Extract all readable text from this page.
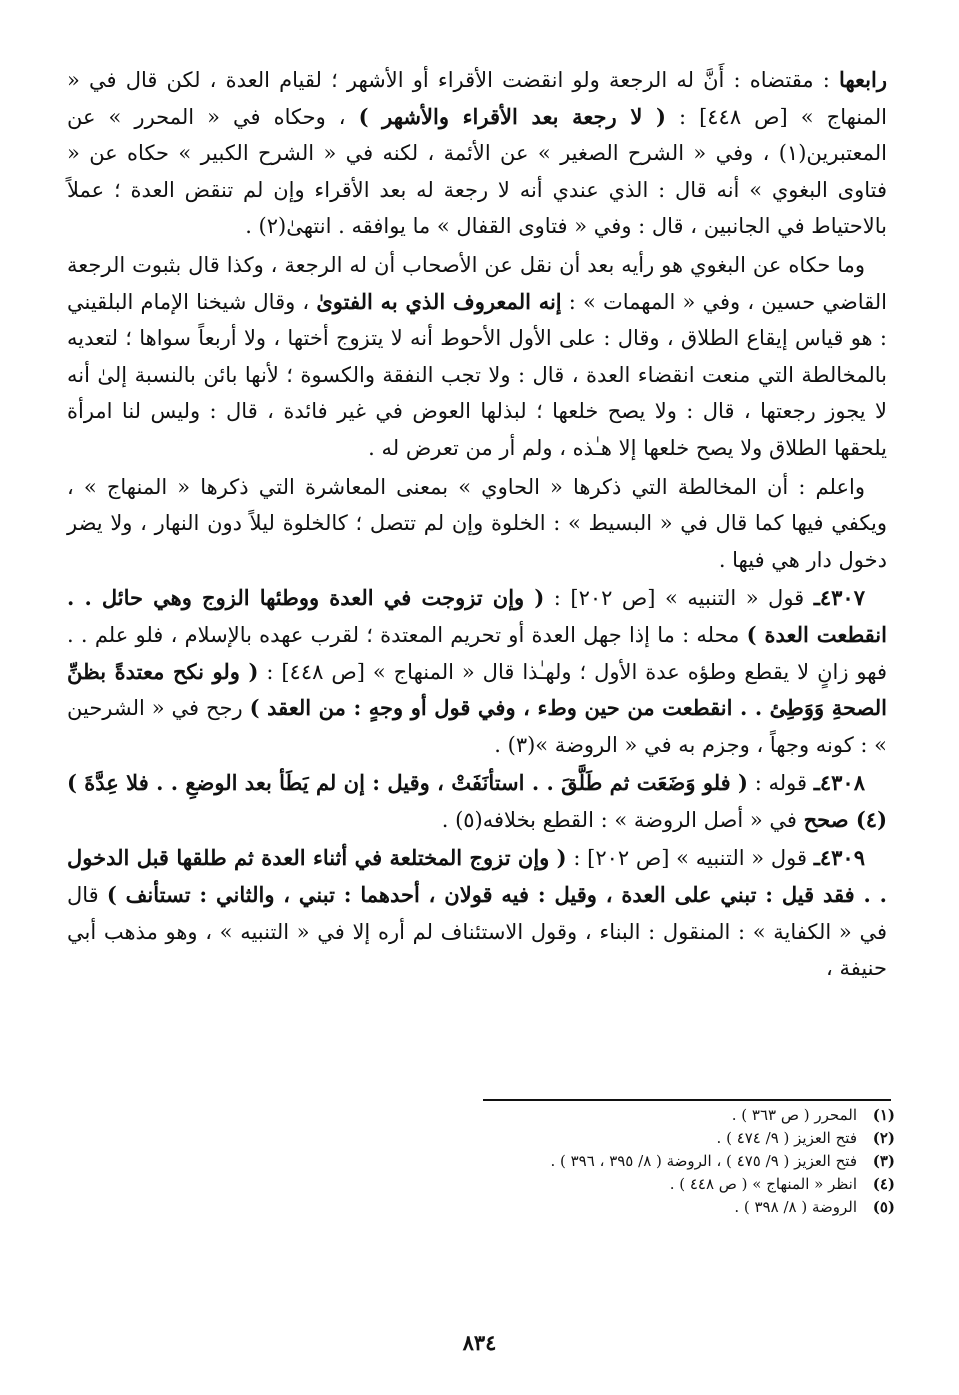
رابعها : مقتضاه : أَنَّ له الرجعة ولو انقضت الأقراء أو الأشهر ؛ لقيام العدة ، لكن قال في « المنهاج » [ص ٤٤٨] : ( لا رجعة بعد الأقراء والأشهر ) ، وحكاه في « المحرر » عن المعتبرين(١) ، وفي « الشرح الصغير » عن الأئمة ، لكنه في « الشرح الكبير » حكاه عن « فتاوى البغوي » أنه قال : الذي عندي أنه لا رجعة له بعد الأقراء وإن لم تنقض العدة ؛ عملاً بالاحتياط في الجانبين ، قال : وفي « فتاوى القفال » ما يوافقه . انتهىٰ(٢) .

وما حكاه عن البغوي هو رأيه بعد أن نقل عن الأصحاب أن له الرجعة ، وكذا قال بثبوت الرجعة القاضي حسين ، وفي « المهمات » : إنه المعروف الذي به الفتوىٰ ، وقال شيخنا الإمام البلقيني : هو قياس إيقاع الطلاق ، وقال : على الأول الأحوط أنه لا يتزوج أختها ، ولا أربعاً سواها ؛ لتعديه بالمخالطة التي منعت انقضاء العدة ، قال : ولا تجب النفقة والكسوة ؛ لأنها بائن بالنسبة إلىٰ أنه لا يجوز رجعتها ، قال : ولا يصح خلعها ؛ لبذلها العوض في غير فائدة ، قال : وليس لنا امرأة يلحقها الطلاق ولا يصح خلعها إلا هـٰذه ، ولم أر من تعرض له .

واعلم : أن المخالطة التي ذكرها « الحاوي » بمعنى المعاشرة التي ذكرها « المنهاج » ، ويكفي فيها كما قال في « البسيط » : الخلوة وإن لم تتصل ؛ كالخلوة ليلاً دون النهار ، ولا يضر دخول دار هي فيها .

٤٣٠٧ـ قول « التنبيه » [ص ٢٠٢] : ( وإن تزوجت في العدة ووطئها الزوج وهي حائل . . انقطعت العدة ) محله : ما إذا جهل العدة أو تحريم المعتدة ؛ لقرب عهده بالإسلام ، فلو علم . . فهو زانٍ لا يقطع وطؤه عدة الأول ؛ ولهـٰذا قال « المنهاج » [ص ٤٤٨] : ( ولو نكح معتدةً بظنِّ الصحةِ وَوَطِئ . . انقطعت من حين وطء ، وفي قول أو وجهٍ : من العقد ) رجح في « الشرحين » : كونه وجهاً ، وجزم به في « الروضة »(٣) .

٤٣٠٨ـ قوله : ( فلو وَضَعَت ثم طَلَّقَ . . استأنَفَتْ ، وقيل : إن لم يَطَأ بعد الوضعِ . . فلا عِدَّةَ )(٤) صحح في « أصل الروضة » : القطع بخلافه(٥) .

٤٣٠٩ـ قول « التنبيه » [ص ٢٠٢] : ( وإن تزوج المختلعة في أثناء العدة ثم طلقها قبل الدخول . . فقد قيل : تبني على العدة ، وقيل : فيه قولان ، أحدهما : تبني ، والثاني : تستأنف ) قال في « الكفاية » : المنقول : البناء ، وقول الاستئناف لم أره إلا في « التنبيه » ، وهو مذهب أبي حنيفة ،

(١)
المحرر ( ص ٣٦٣ ) .
(٢)
فتح العزيز ( ٩/ ٤٧٤ ) .
(٣)
فتح العزيز ( ٩/ ٤٧٥ ) ، الروضة ( ٨/ ٣٩٥ ، ٣٩٦ ) .
(٤)
انظر « المنهاج » ( ص ٤٤٨ ) .
(٥)
الروضة ( ٨/ ٣٩٨ ) .
٨٣٤
